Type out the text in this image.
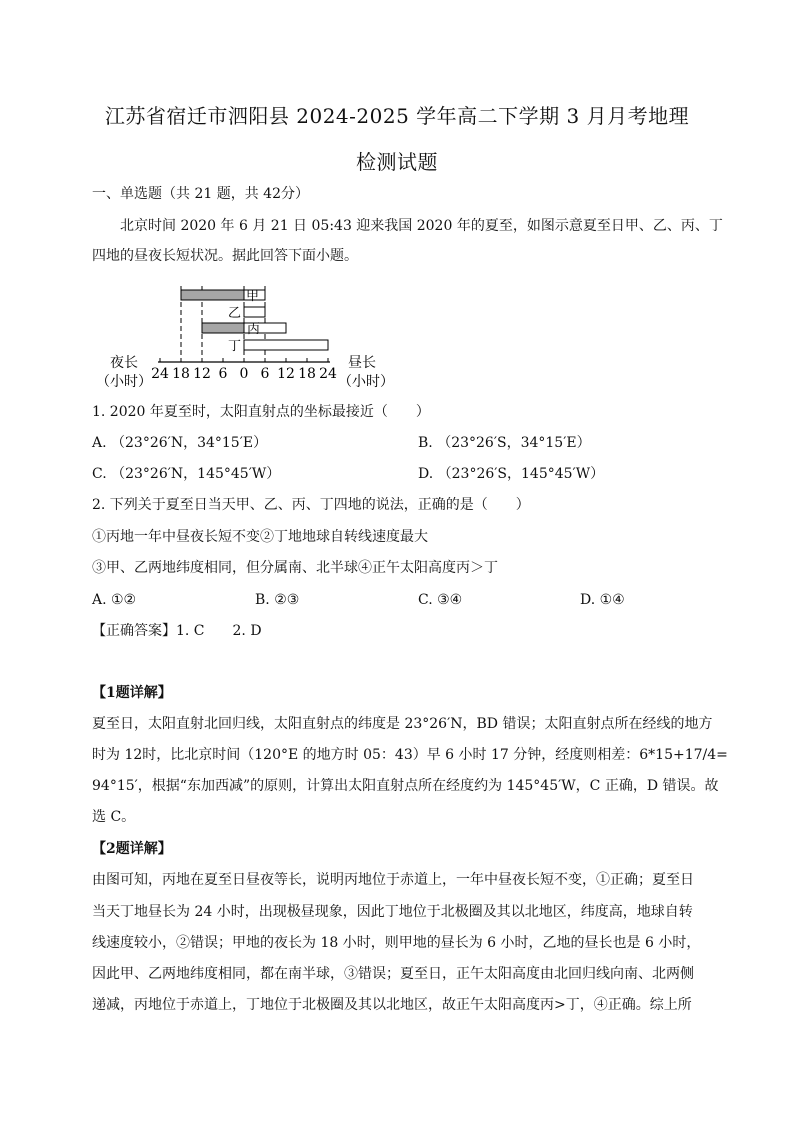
江苏省宿迁市泗阳县 2024-2025 学年高二下学期 3 月月考地理
检测试题
一、单选题（共 21 题，共 42分）
北京时间 2020 年 6 月 21 日 05:43 迎来我国 2020 年的夏至，如图示意夏至日甲、乙、丙、丁
四地的昼夜长短状况。据此回答下面小题。
甲
乙
丙
丁
24 18 12 6 0 6 12 18 24
夜长
（小时）
昼长
（小时）
1. 2020 年夏至时，太阳直射点的坐标最接近（　　）
A. （23°26′N，34°15′E）	B. （23°26′S，34°15′E）
C. （23°26′N，145°45′W）	D. （23°26′S，145°45′W）
2. 下列关于夏至日当天甲、乙、丙、丁四地的说法，正确的是（　　）
①丙地一年中昼夜长短不变②丁地地球自转线速度最大
③甲、乙两地纬度相同，但分属南、北半球④正午太阳高度丙＞丁
A. ①②	B. ②③	C. ③④	D. ①④
【正确答案】1. C　　2. D
【1题详解】
夏至日，太阳直射北回归线，太阳直射点的纬度是 23°26′N，BD 错误；太阳直射点所在经线的地方
时为 12时，比北京时间（120°E 的地方时 05：43）早 6 小时 17 分钟，经度则相差：6*15+17/4=
94°15′，根据“东加西减”的原则，计算出太阳直射点所在经度约为 145°45′W，C 正确，D 错误。故
选 C。
【2题详解】
由图可知，丙地在夏至日昼夜等长，说明丙地位于赤道上，一年中昼夜长短不变，①正确；夏至日
当天丁地昼长为 24 小时，出现极昼现象，因此丁地位于北极圈及其以北地区，纬度高，地球自转
线速度较小，②错误；甲地的夜长为 18 小时，则甲地的昼长为 6 小时，乙地的昼长也是 6 小时，
因此甲、乙两地纬度相同，都在南半球，③错误；夏至日，正午太阳高度由北回归线向南、北两侧
递减，丙地位于赤道上，丁地位于北极圈及其以北地区，故正午太阳高度丙>丁，④正确。综上所
